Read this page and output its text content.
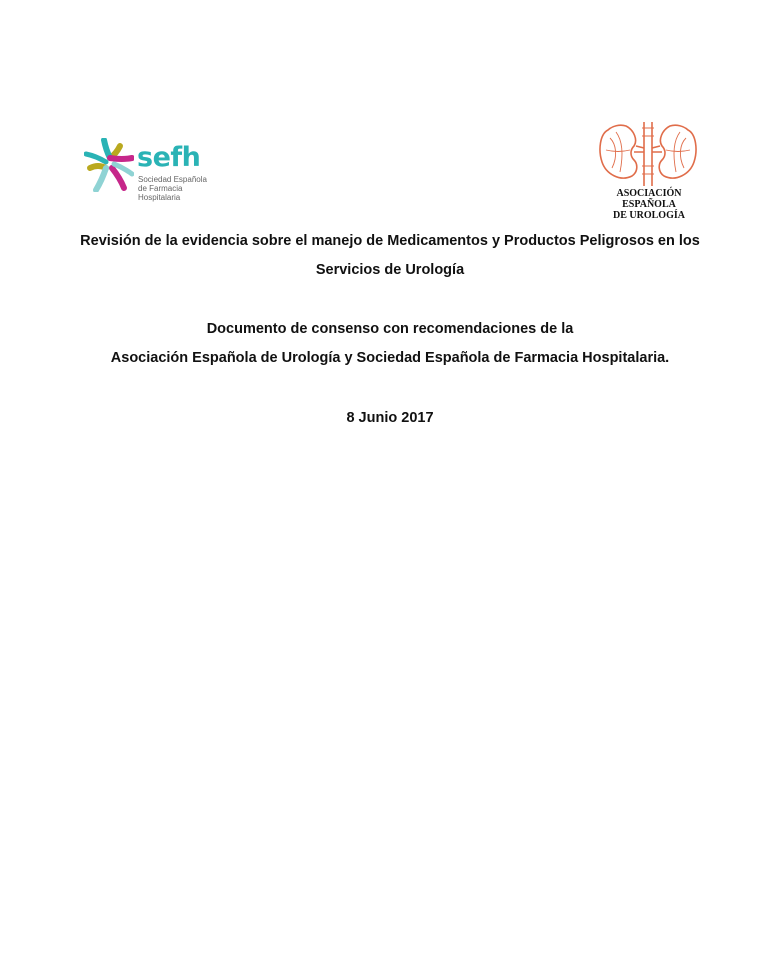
sefh
Sociedad Española
de Farmacia Hospitalaria	ASOCIACIÓN ESPAÑOLA
DE UROLOGÍA
Revisión de la evidencia sobre el manejo de Medicamentos y Productos Peligrosos en los
Servicios de Urología
Documento de consenso con recomendaciones de la
Asociación Española de Urología y Sociedad Española de Farmacia Hospitalaria.
8 Junio 2017
